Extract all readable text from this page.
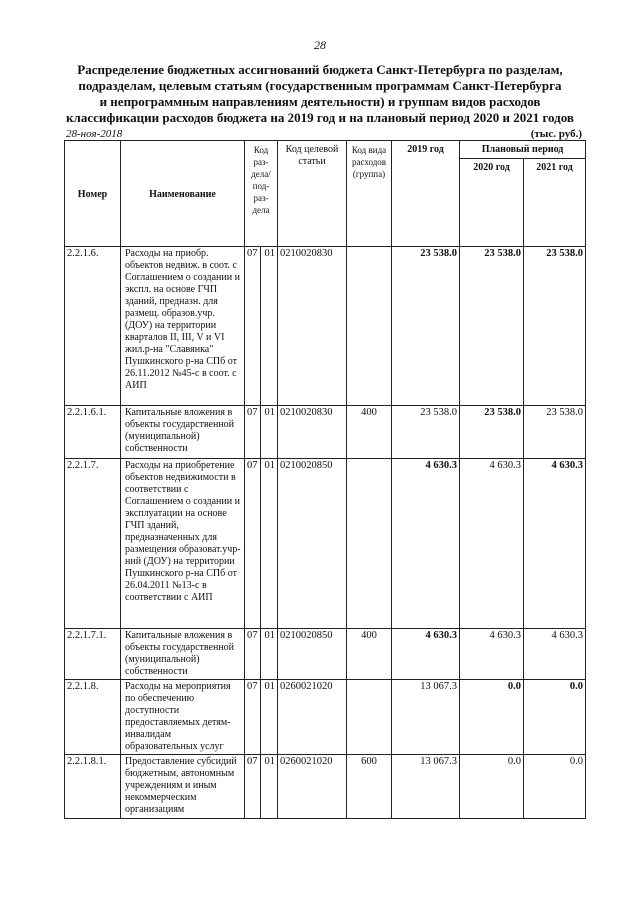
28
Распределение бюджетных ассигнований бюджета Санкт-Петербурга по разделам,
подразделам, целевым статьям (государственным программам Санкт-Петербурга
и непрограммным направлениям деятельности) и группам видов расходов
классификации расходов бюджета на 2019 год и на плановый период 2020 и 2021 годов
28-ноя-2018	(тыс. руб.)
Номер	Наименование	Код раз- дела/ под- раз- дела		Код целевой статьи	Код вида расходов (группа)	2019 год	Плановый период	
							2020 год	2021 год
2.2.1.6.	Расходы на приобр. объектов недвиж. в соот. с Соглашением о создании и экспл. на основе ГЧП зданий, предназн. для размещ. образов.учр. (ДОУ) на территории кварталов II, III, V и VI жил.р-на "Славянка" Пушкинского р-на СПб от 26.11.2012 №45-с в соот. с АИП	07	01	0210020830		23 538.0	23 538.0	23 538.0
2.2.1.6.1.	Капитальные вложения в объекты государственной (муниципальной) собственности	07	01	0210020830	400	23 538.0	23 538.0	23 538.0
2.2.1.7.	Расходы на приобретение объектов недвижимости в соответствии с Соглашением о создании и эксплуатации на основе ГЧП зданий, предназначенных для размещения образоват.учр-ний (ДОУ) на территории Пушкинского р-на СПб от 26.04.2011 №13-с в соответствии с АИП	07	01	0210020850		4 630.3	4 630.3	4 630.3
2.2.1.7.1.	Капитальные вложения в объекты государственной (муниципальной) собственности	07	01	0210020850	400	4 630.3	4 630.3	4 630.3
2.2.1.8.	Расходы на мероприятия по обеспечению доступности предоставляемых детям-инвалидам образовательных услуг	07	01	0260021020		13 067.3	0.0	0.0
2.2.1.8.1.	Предоставление субсидий бюджетным, автономным учреждениям и иным некоммерческим организациям	07	01	0260021020	600	13 067.3	0.0	0.0
